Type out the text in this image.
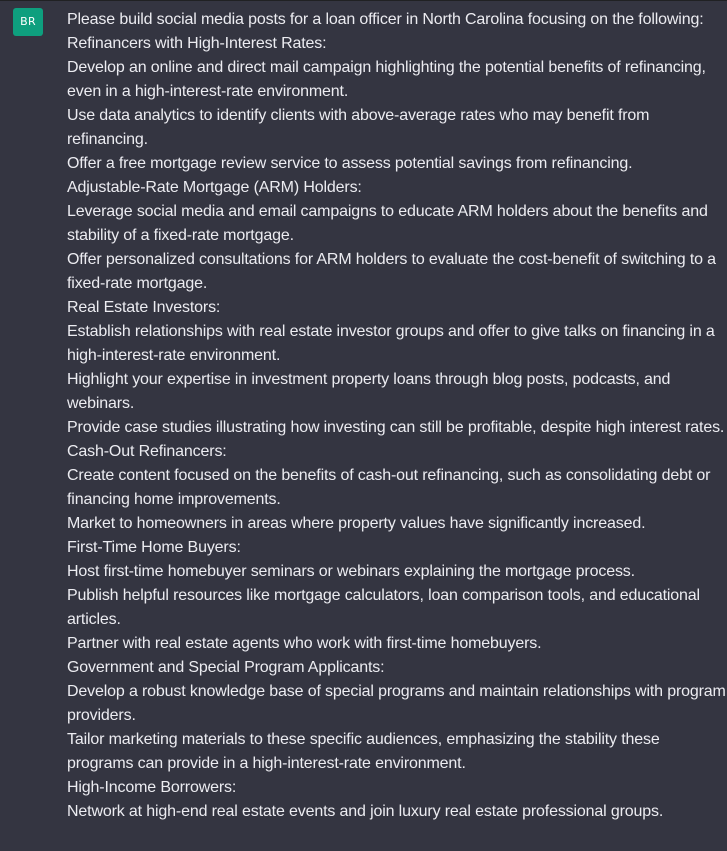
BR	Please build social media posts for a loan officer in North Carolina focusing on the following:

Refinancers with High-Interest Rates:

Develop an online and direct mail campaign highlighting the potential benefits of refinancing, even in a high-interest-rate environment.

Use data analytics to identify clients with above-average rates who may benefit from refinancing.

Offer a free mortgage review service to assess potential savings from refinancing.

Adjustable-Rate Mortgage (ARM) Holders:

Leverage social media and email campaigns to educate ARM holders about the benefits and stability of a fixed-rate mortgage.

Offer personalized consultations for ARM holders to evaluate the cost-benefit of switching to a fixed-rate mortgage.

Real Estate Investors:

Establish relationships with real estate investor groups and offer to give talks on financing in a high-interest-rate environment.

Highlight your expertise in investment property loans through blog posts, podcasts, and webinars.

Provide case studies illustrating how investing can still be profitable, despite high interest rates.

Cash-Out Refinancers:

Create content focused on the benefits of cash-out refinancing, such as consolidating debt or financing home improvements.

Market to homeowners in areas where property values have significantly increased.

First-Time Home Buyers:

Host first-time homebuyer seminars or webinars explaining the mortgage process.

Publish helpful resources like mortgage calculators, loan comparison tools, and educational articles.

Partner with real estate agents who work with first-time homebuyers.

Government and Special Program Applicants:

Develop a robust knowledge base of special programs and maintain relationships with program providers.

Tailor marketing materials to these specific audiences, emphasizing the stability these programs can provide in a high-interest-rate environment.

High-Income Borrowers:

Network at high-end real estate events and join luxury real estate professional groups.
